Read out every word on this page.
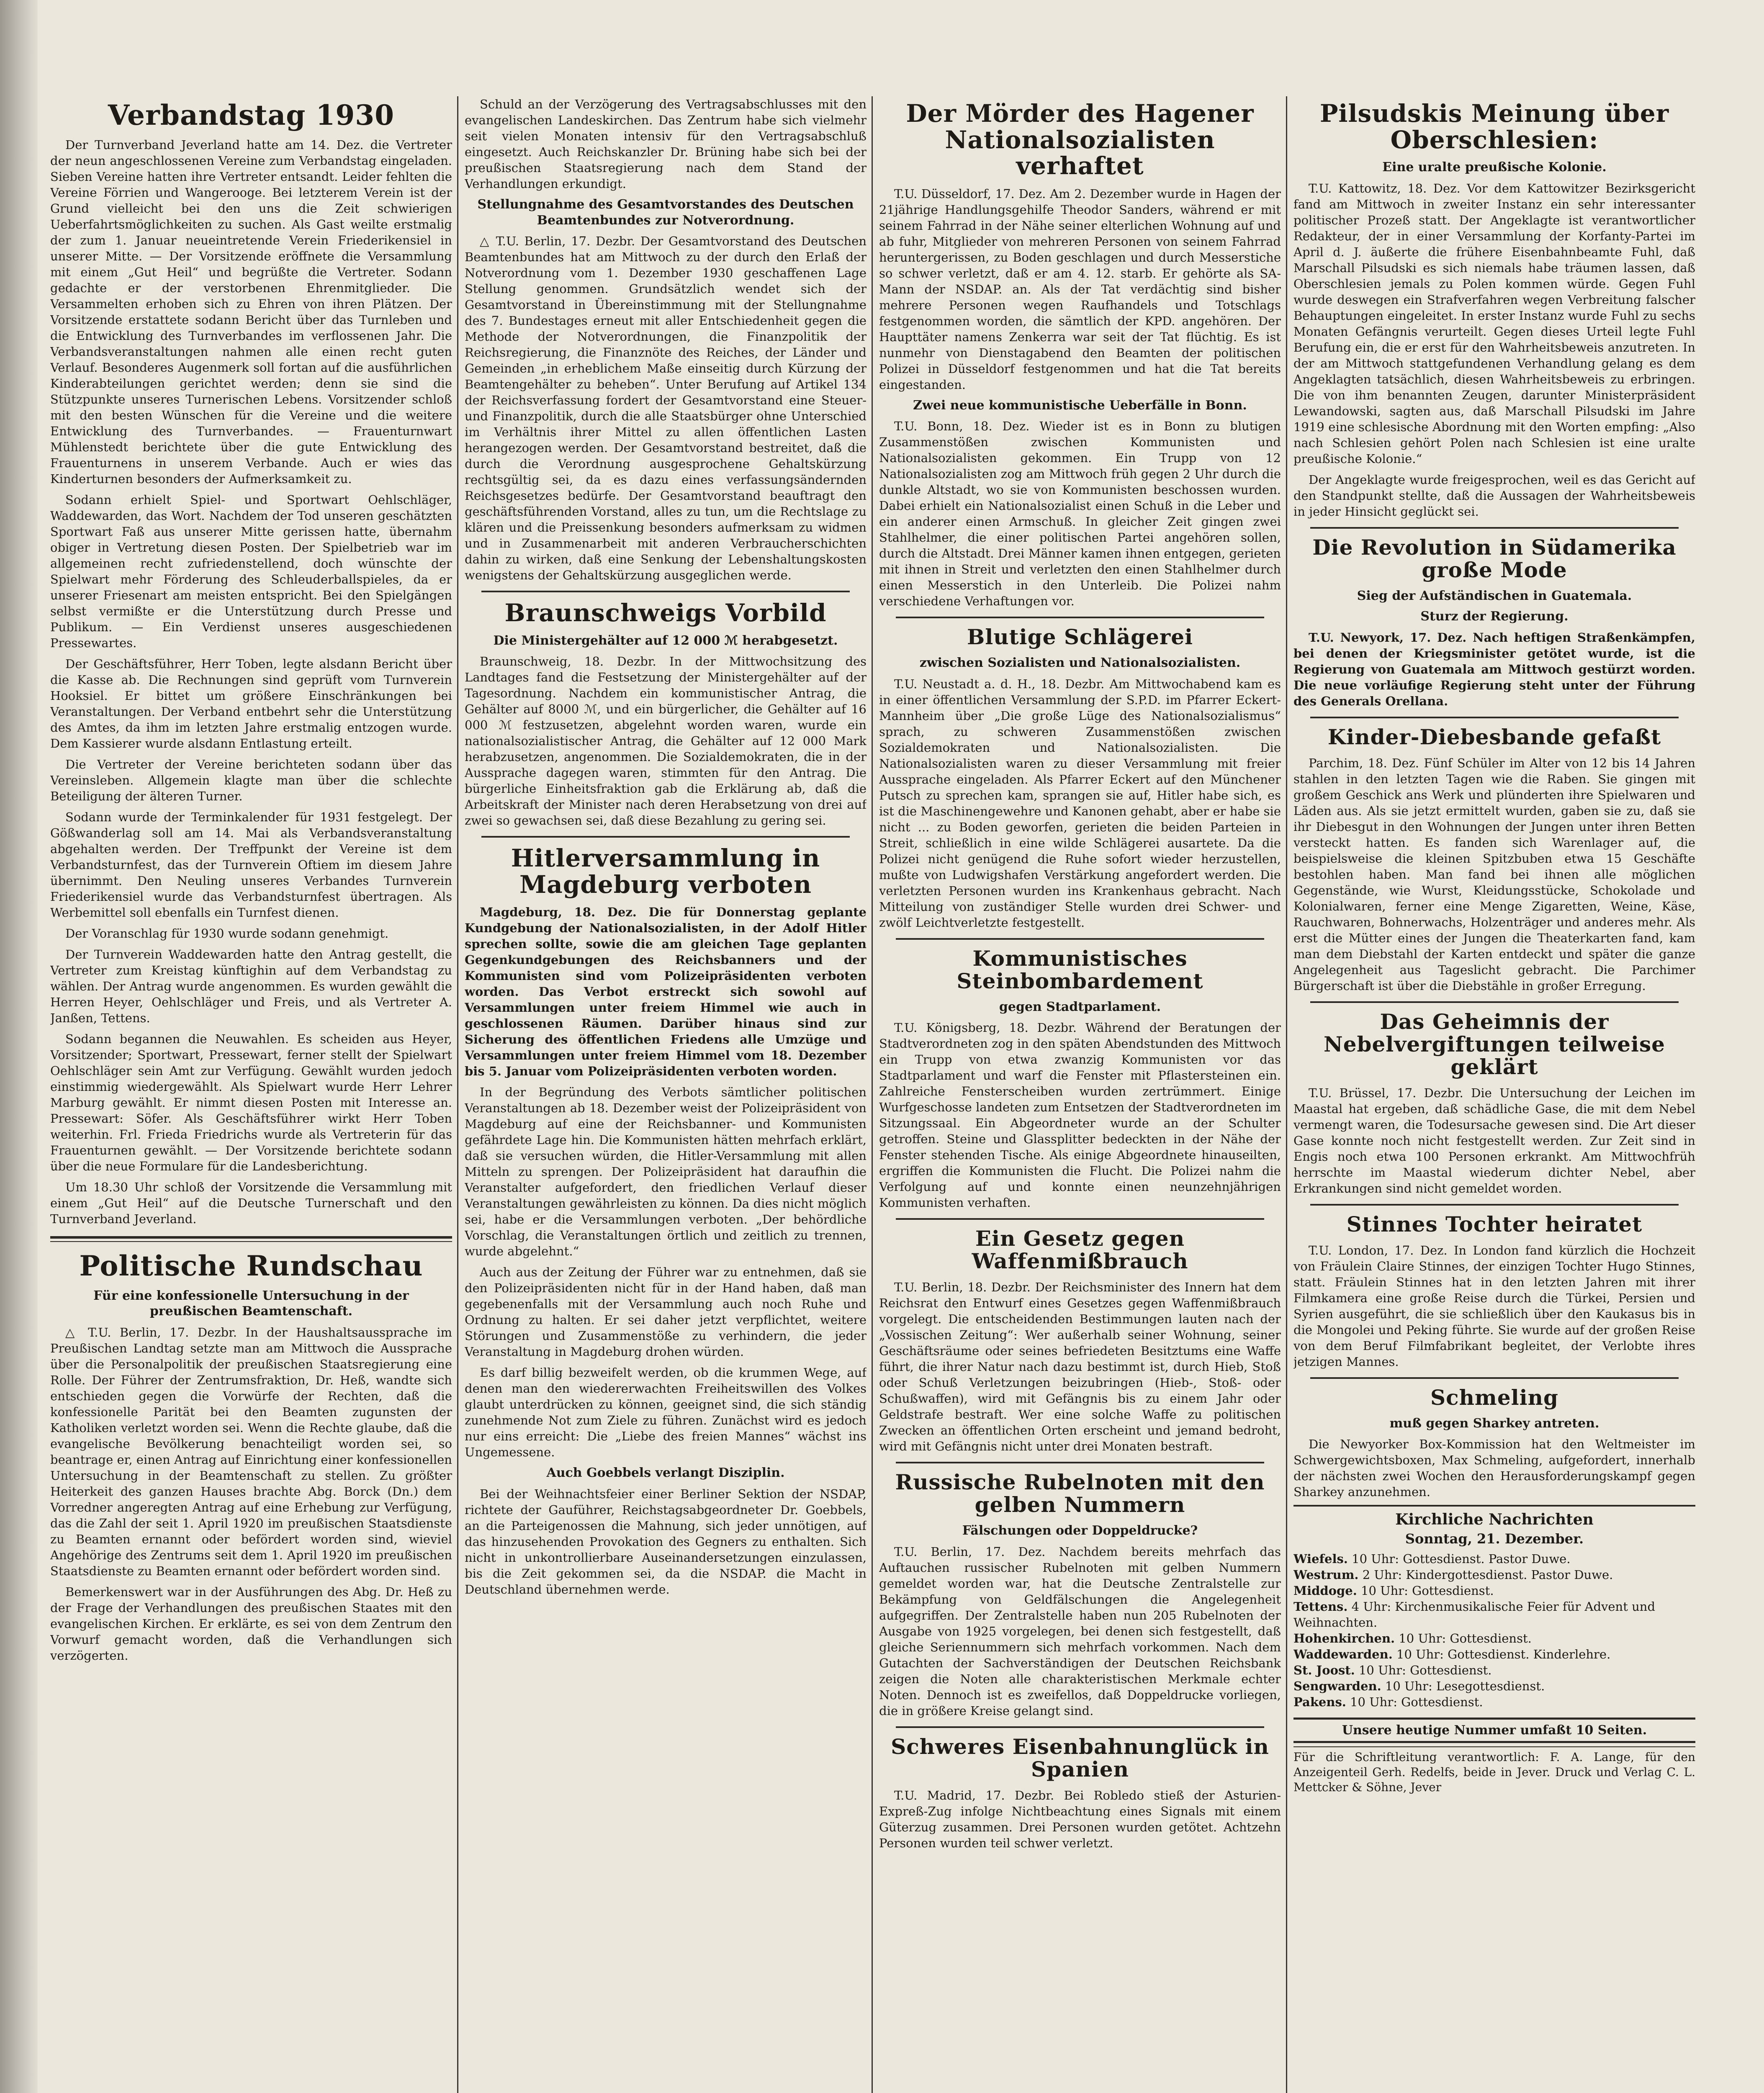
Verbandstag 1930

Der Turnverband Jeverland hatte am 14. Dez. die Vertreter der neun angeschlossenen Vereine zum Verbandstag eingeladen. Sieben Vereine hatten ihre Vertreter entsandt. Leider fehlten die Vereine Förrien und Wangerooge. Bei letzterem Verein ist der Grund vielleicht bei den uns die Zeit schwierigen Ueberfahrtsmöglichkeiten zu suchen. Als Gast weilte erstmalig der zum 1. Januar neueintretende Verein Friederikensiel in unserer Mitte. — Der Vorsitzende eröffnete die Versammlung mit einem „Gut Heil“ und begrüßte die Vertreter. Sodann gedachte er der verstorbenen Ehrenmitglieder. Die Versammelten erhoben sich zu Ehren von ihren Plätzen. Der Vorsitzende erstattete sodann Bericht über das Turnleben und die Entwicklung des Turnverbandes im verflossenen Jahr. Die Verbandsveranstaltungen nahmen alle einen recht guten Verlauf. Besonderes Augenmerk soll fortan auf die ausführlichen Kinderabteilungen gerichtet werden; denn sie sind die Stützpunkte unseres Turnerischen Lebens. Vorsitzender schloß mit den besten Wünschen für die Vereine und die weitere Entwicklung des Turnverbandes. — Frauenturnwart Mühlenstedt berichtete über die gute Entwicklung des Frauenturnens in unserem Verbande. Auch er wies das Kinderturnen besonders der Aufmerksamkeit zu.

Sodann erhielt Spiel- und Sportwart Oehlschläger, Waddewarden, das Wort. Nachdem der Tod unseren geschätzten Sportwart Faß aus unserer Mitte gerissen hatte, übernahm obiger in Vertretung diesen Posten. Der Spielbetrieb war im allgemeinen recht zufriedenstellend, doch wünschte der Spielwart mehr Förderung des Schleuderballspieles, da er unserer Friesenart am meisten entspricht. Bei den Spielgängen selbst vermißte er die Unterstützung durch Presse und Publikum. — Ein Verdienst unseres ausgeschiedenen Pressewartes.

Der Geschäftsführer, Herr Toben, legte alsdann Bericht über die Kasse ab. Die Rechnungen sind geprüft vom Turnverein Hooksiel. Er bittet um größere Einschränkungen bei Veranstaltungen. Der Verband entbehrt sehr die Unterstützung des Amtes, da ihm im letzten Jahre erstmalig entzogen wurde. Dem Kassierer wurde alsdann Entlastung erteilt.

Die Vertreter der Vereine berichteten sodann über das Vereinsleben. Allgemein klagte man über die schlechte Beteiligung der älteren Turner.

Sodann wurde der Terminkalender für 1931 festgelegt. Der Gößwanderlag soll am 14. Mai als Verbandsveranstaltung abgehalten werden. Der Treffpunkt der Vereine ist dem Verbandsturnfest, das der Turnverein Oftiem im diesem Jahre übernimmt. Den Neuling unseres Verbandes Turnverein Friederikensiel wurde das Verbandsturnfest übertragen. Als Werbemittel soll ebenfalls ein Turnfest dienen.

Der Voranschlag für 1930 wurde sodann genehmigt.

Der Turnverein Waddewarden hatte den Antrag gestellt, die Vertreter zum Kreistag künftighin auf dem Verbandstag zu wählen. Der Antrag wurde angenommen. Es wurden gewählt die Herren Heyer, Oehlschläger und Freis, und als Vertreter A. Janßen, Tettens.

Sodann begannen die Neuwahlen. Es scheiden aus Heyer, Vorsitzender; Sportwart, Pressewart, ferner stellt der Spielwart Oehlschläger sein Amt zur Verfügung. Gewählt wurden jedoch einstimmig wiedergewählt. Als Spielwart wurde Herr Lehrer Marburg gewählt. Er nimmt diesen Posten mit Interesse an. Pressewart: Söfer. Als Geschäftsführer wirkt Herr Toben weiterhin. Frl. Frieda Friedrichs wurde als Vertreterin für das Frauenturnen gewählt. — Der Vorsitzende berichtete sodann über die neue Formulare für die Landesberichtung.

Um 18.30 Uhr schloß der Vorsitzende die Versammlung mit einem „Gut Heil“ auf die Deutsche Turnerschaft und den Turnverband Jeverland.

Politische Rundschau
Für eine konfessionelle Untersuchung in der preußischen Beamtenschaft.

△ T.U. Berlin, 17. Dezbr. In der Haushaltsaussprache im Preußischen Landtag setzte man am Mittwoch die Aussprache über die Personalpolitik der preußischen Staatsregierung eine Rolle. Der Führer der Zentrumsfraktion, Dr. Heß, wandte sich entschieden gegen die Vorwürfe der Rechten, daß die konfessionelle Parität bei den Beamten zugunsten der Katholiken verletzt worden sei. Wenn die Rechte glaube, daß die evangelische Bevölkerung benachteiligt worden sei, so beantrage er, einen Antrag auf Einrichtung einer konfessionellen Untersuchung in der Beamtenschaft zu stellen. Zu größter Heiterkeit des ganzen Hauses brachte Abg. Borck (Dn.) dem Vorredner angeregten Antrag auf eine Erhebung zur Verfügung, das die Zahl der seit 1. April 1920 im preußischen Staatsdienste zu Beamten ernannt oder befördert worden sind, wieviel Angehörige des Zentrums seit dem 1. April 1920 im preußischen Staatsdienste zu Beamten ernannt oder befördert worden sind.

Bemerkenswert war in der Ausführungen des Abg. Dr. Heß zu der Frage der Verhandlungen des preußischen Staates mit den evangelischen Kirchen. Er erklärte, es sei von dem Zentrum den Vorwurf gemacht worden, daß die Verhandlungen sich verzögerten.

Schuld an der Verzögerung des Vertragsabschlusses mit den evangelischen Landeskirchen. Das Zentrum habe sich vielmehr seit vielen Monaten intensiv für den Vertragsabschluß eingesetzt. Auch Reichskanzler Dr. Brüning habe sich bei der preußischen Staatsregierung nach dem Stand der Verhandlungen erkundigt.

Stellungnahme des Gesamtvorstandes des Deutschen Beamtenbundes zur Notverordnung.

△ T.U. Berlin, 17. Dezbr. Der Gesamtvorstand des Deutschen Beamtenbundes hat am Mittwoch zu der durch den Erlaß der Notverordnung vom 1. Dezember 1930 geschaffenen Lage Stellung genommen. Grundsätzlich wendet sich der Gesamtvorstand in Übereinstimmung mit der Stellungnahme des 7. Bundestages erneut mit aller Entschiedenheit gegen die Methode der Notverordnungen, die Finanzpolitik der Reichsregierung, die Finanznöte des Reiches, der Länder und Gemeinden „in erheblichem Maße einseitig durch Kürzung der Beamtengehälter zu beheben“. Unter Berufung auf Artikel 134 der Reichsverfassung fordert der Gesamtvorstand eine Steuer- und Finanzpolitik, durch die alle Staatsbürger ohne Unterschied im Verhältnis ihrer Mittel zu allen öffentlichen Lasten herangezogen werden. Der Gesamtvorstand bestreitet, daß die durch die Verordnung ausgesprochene Gehaltskürzung rechtsgültig sei, da es dazu eines verfassungsändernden Reichsgesetzes bedürfe. Der Gesamtvorstand beauftragt den geschäftsführenden Vorstand, alles zu tun, um die Rechtslage zu klären und die Preissenkung besonders aufmerksam zu widmen und in Zusammenarbeit mit anderen Verbraucherschichten dahin zu wirken, daß eine Senkung der Lebenshaltungskosten wenigstens der Gehaltskürzung ausgeglichen werde.

Braunschweigs Vorbild
Die Ministergehälter auf 12 000 ℳ herabgesetzt.

Braunschweig, 18. Dezbr. In der Mittwochsitzung des Landtages fand die Festsetzung der Ministergehälter auf der Tagesordnung. Nachdem ein kommunistischer Antrag, die Gehälter auf 8000 ℳ, und ein bürgerlicher, die Gehälter auf 16 000 ℳ festzusetzen, abgelehnt worden waren, wurde ein nationalsozialistischer Antrag, die Gehälter auf 12 000 Mark herabzusetzen, angenommen. Die Sozialdemokraten, die in der Aussprache dagegen waren, stimmten für den Antrag. Die bürgerliche Einheitsfraktion gab die Erklärung ab, daß die Arbeitskraft der Minister nach deren Herabsetzung von drei auf zwei so gewachsen sei, daß diese Bezahlung zu gering sei.

Hitlerversammlung in Magdeburg verboten

Magdeburg, 18. Dez. Die für Donnerstag geplante Kundgebung der Nationalsozialisten, in der Adolf Hitler sprechen sollte, sowie die am gleichen Tage geplanten Gegenkundgebungen des Reichsbanners und der Kommunisten sind vom Polizeipräsidenten verboten worden. Das Verbot erstreckt sich sowohl auf Versammlungen unter freiem Himmel wie auch in geschlossenen Räumen. Darüber hinaus sind zur Sicherung des öffentlichen Friedens alle Umzüge und Versammlungen unter freiem Himmel vom 18. Dezember bis 5. Januar vom Polizeipräsidenten verboten worden.

In der Begründung des Verbots sämtlicher politischen Veranstaltungen ab 18. Dezember weist der Polizeipräsident von Magdeburg auf eine der Reichsbanner- und Kommunisten gefährdete Lage hin. Die Kommunisten hätten mehrfach erklärt, daß sie versuchen würden, die Hitler-Versammlung mit allen Mitteln zu sprengen. Der Polizeipräsident hat daraufhin die Veranstalter aufgefordert, den friedlichen Verlauf dieser Veranstaltungen gewährleisten zu können. Da dies nicht möglich sei, habe er die Versammlungen verboten. „Der behördliche Vorschlag, die Veranstaltungen örtlich und zeitlich zu trennen, wurde abgelehnt.“

Auch aus der Zeitung der Führer war zu entnehmen, daß sie den Polizeipräsidenten nicht für in der Hand haben, daß man gegebenenfalls mit der Versammlung auch noch Ruhe und Ordnung zu halten. Er sei daher jetzt verpflichtet, weitere Störungen und Zusammenstöße zu verhindern, die jeder Veranstaltung in Magdeburg drohen würden.

Es darf billig bezweifelt werden, ob die krummen Wege, auf denen man den wiedererwachten Freiheitswillen des Volkes glaubt unterdrücken zu können, geeignet sind, die sich ständig zunehmende Not zum Ziele zu führen. Zunächst wird es jedoch nur eins erreicht: Die „Liebe des freien Mannes“ wächst ins Ungemessene.

Auch Goebbels verlangt Disziplin.

Bei der Weihnachtsfeier einer Berliner Sektion der NSDAP, richtete der Gauführer, Reichstagsabgeordneter Dr. Goebbels, an die Parteigenossen die Mahnung, sich jeder unnötigen, auf das hinzusehenden Provokation des Gegners zu enthalten. Sich nicht in unkontrollierbare Auseinandersetzungen einzulassen, bis die Zeit gekommen sei, da die NSDAP. die Macht in Deutschland übernehmen werde.

Der Mörder des Hagener Nationalsozialisten verhaftet

T.U. Düsseldorf, 17. Dez. Am 2. Dezember wurde in Hagen der 21jährige Handlungsgehilfe Theodor Sanders, während er mit seinem Fahrrad in der Nähe seiner elterlichen Wohnung auf und ab fuhr, Mitglieder von mehreren Personen von seinem Fahrrad heruntergerissen, zu Boden geschlagen und durch Messerstiche so schwer verletzt, daß er am 4. 12. starb. Er gehörte als SA-Mann der NSDAP. an. Als der Tat verdächtig sind bisher mehrere Personen wegen Raufhandels und Totschlags festgenommen worden, die sämtlich der KPD. angehören. Der Haupttäter namens Zenkerra war seit der Tat flüchtig. Es ist nunmehr von Dienstagabend den Beamten der politischen Polizei in Düsseldorf festgenommen und hat die Tat bereits eingestanden.

Zwei neue kommunistische Ueberfälle in Bonn.

T.U. Bonn, 18. Dez. Wieder ist es in Bonn zu blutigen Zusammenstößen zwischen Kommunisten und Nationalsozialisten gekommen. Ein Trupp von 12 Nationalsozialisten zog am Mittwoch früh gegen 2 Uhr durch die dunkle Altstadt, wo sie von Kommunisten beschossen wurden. Dabei erhielt ein Nationalsozialist einen Schuß in die Leber und ein anderer einen Armschuß. In gleicher Zeit gingen zwei Stahlhelmer, die einer politischen Partei angehören sollen, durch die Altstadt. Drei Männer kamen ihnen entgegen, gerieten mit ihnen in Streit und verletzten den einen Stahlhelmer durch einen Messerstich in den Unterleib. Die Polizei nahm verschiedene Verhaftungen vor.

Blutige Schlägerei
zwischen Sozialisten und Nationalsozialisten.

T.U. Neustadt a. d. H., 18. Dezbr. Am Mittwochabend kam es in einer öffentlichen Versammlung der S.P.D. im Pfarrer Eckert-Mannheim über „Die große Lüge des Nationalsozialismus“ sprach, zu schweren Zusammenstößen zwischen Sozialdemokraten und Nationalsozialisten. Die Nationalsozialisten waren zu dieser Versammlung mit freier Aussprache eingeladen. Als Pfarrer Eckert auf den Münchener Putsch zu sprechen kam, sprangen sie auf, Hitler habe sich, es ist die Maschinengewehre und Kanonen gehabt, aber er habe sie nicht ... zu Boden geworfen, gerieten die beiden Parteien in Streit, schließlich in eine wilde Schlägerei ausartete. Da die Polizei nicht genügend die Ruhe sofort wieder herzustellen, mußte von Ludwigshafen Verstärkung angefordert werden. Die verletzten Personen wurden ins Krankenhaus gebracht. Nach Mitteilung von zuständiger Stelle wurden drei Schwer- und zwölf Leichtverletzte festgestellt.

Kommunistisches Steinbombardement
gegen Stadtparlament.

T.U. Königsberg, 18. Dezbr. Während der Beratungen der Stadtverordneten zog in den späten Abendstunden des Mittwoch ein Trupp von etwa zwanzig Kommunisten vor das Stadtparlament und warf die Fenster mit Pflastersteinen ein. Zahlreiche Fensterscheiben wurden zertrümmert. Einige Wurfgeschosse landeten zum Entsetzen der Stadtverordneten im Sitzungssaal. Ein Abgeordneter wurde an der Schulter getroffen. Steine und Glassplitter bedeckten in der Nähe der Fenster stehenden Tische. Als einige Abgeordnete hinauseilten, ergriffen die Kommunisten die Flucht. Die Polizei nahm die Verfolgung auf und konnte einen neunzehnjährigen Kommunisten verhaften.

Ein Gesetz gegen Waffenmißbrauch

T.U. Berlin, 18. Dezbr. Der Reichsminister des Innern hat dem Reichsrat den Entwurf eines Gesetzes gegen Waffenmißbrauch vorgelegt. Die entscheidenden Bestimmungen lauten nach der „Vossischen Zeitung“: Wer außerhalb seiner Wohnung, seiner Geschäftsräume oder seines befriedeten Besitztums eine Waffe führt, die ihrer Natur nach dazu bestimmt ist, durch Hieb, Stoß oder Schuß Verletzungen beizubringen (Hieb-, Stoß- oder Schußwaffen), wird mit Gefängnis bis zu einem Jahr oder Geldstrafe bestraft. Wer eine solche Waffe zu politischen Zwecken an öffentlichen Orten erscheint und jemand bedroht, wird mit Gefängnis nicht unter drei Monaten bestraft.

Russische Rubelnoten mit den gelben Nummern
Fälschungen oder Doppeldrucke?

T.U. Berlin, 17. Dez. Nachdem bereits mehrfach das Auftauchen russischer Rubelnoten mit gelben Nummern gemeldet worden war, hat die Deutsche Zentralstelle zur Bekämpfung von Geldfälschungen die Angelegenheit aufgegriffen. Der Zentralstelle haben nun 205 Rubelnoten der Ausgabe von 1925 vorgelegen, bei denen sich festgestellt, daß gleiche Seriennummern sich mehrfach vorkommen. Nach dem Gutachten der Sachverständigen der Deutschen Reichsbank zeigen die Noten alle charakteristischen Merkmale echter Noten. Dennoch ist es zweifellos, daß Doppeldrucke vorliegen, die in größere Kreise gelangt sind.

Schweres Eisenbahnunglück in Spanien

T.U. Madrid, 17. Dezbr. Bei Robledo stieß der Asturien-Expreß-Zug infolge Nichtbeachtung eines Signals mit einem Güterzug zusammen. Drei Personen wurden getötet. Achtzehn Personen wurden teil schwer verletzt.

Pilsudskis Meinung über Oberschlesien:
Eine uralte preußische Kolonie.

T.U. Kattowitz, 18. Dez. Vor dem Kattowitzer Bezirksgericht fand am Mittwoch in zweiter Instanz ein sehr interessanter politischer Prozeß statt. Der Angeklagte ist verantwortlicher Redakteur, der in einer Versammlung der Korfanty-Partei im April d. J. äußerte die frühere Eisenbahnbeamte Fuhl, daß Marschall Pilsudski es sich niemals habe träumen lassen, daß Oberschlesien jemals zu Polen kommen würde. Gegen Fuhl wurde deswegen ein Strafverfahren wegen Verbreitung falscher Behauptungen eingeleitet. In erster Instanz wurde Fuhl zu sechs Monaten Gefängnis verurteilt. Gegen dieses Urteil legte Fuhl Berufung ein, die er erst für den Wahrheitsbeweis anzutreten. In der am Mittwoch stattgefundenen Verhandlung gelang es dem Angeklagten tatsächlich, diesen Wahrheitsbeweis zu erbringen. Die von ihm benannten Zeugen, darunter Ministerpräsident Lewandowski, sagten aus, daß Marschall Pilsudski im Jahre 1919 eine schlesische Abordnung mit den Worten empfing: „Also nach Schlesien gehört Polen nach Schlesien ist eine uralte preußische Kolonie.“

Der Angeklagte wurde freigesprochen, weil es das Gericht auf den Standpunkt stellte, daß die Aussagen der Wahrheitsbeweis in jeder Hinsicht geglückt sei.

Die Revolution in Südamerika große Mode
Sieg der Aufständischen in Guatemala.
Sturz der Regierung.

T.U. Newyork, 17. Dez. Nach heftigen Straßenkämpfen, bei denen der Kriegsminister getötet wurde, ist die Regierung von Guatemala am Mittwoch gestürzt worden. Die neue vorläufige Regierung steht unter der Führung des Generals Orellana.

Kinder-Diebesbande gefaßt

Parchim, 18. Dez. Fünf Schüler im Alter von 12 bis 14 Jahren stahlen in den letzten Tagen wie die Raben. Sie gingen mit großem Geschick ans Werk und plünderten ihre Spielwaren und Läden aus. Als sie jetzt ermittelt wurden, gaben sie zu, daß sie ihr Diebesgut in den Wohnungen der Jungen unter ihren Betten versteckt hatten. Es fanden sich Warenlager auf, die beispielsweise die kleinen Spitzbuben etwa 15 Geschäfte bestohlen haben. Man fand bei ihnen alle möglichen Gegenstände, wie Wurst, Kleidungsstücke, Schokolade und Kolonialwaren, ferner eine Menge Zigaretten, Weine, Käse, Rauchwaren, Bohnerwachs, Holzenträger und anderes mehr. Als erst die Mütter eines der Jungen die Theaterkarten fand, kam man dem Diebstahl der Karten entdeckt und später die ganze Angelegenheit aus Tageslicht gebracht. Die Parchimer Bürgerschaft ist über die Diebstähle in großer Erregung.

Das Geheimnis der Nebelvergiftungen teilweise geklärt

T.U. Brüssel, 17. Dezbr. Die Untersuchung der Leichen im Maastal hat ergeben, daß schädliche Gase, die mit dem Nebel vermengt waren, die Todesursache gewesen sind. Die Art dieser Gase konnte noch nicht festgestellt werden. Zur Zeit sind in Engis noch etwa 100 Personen erkrankt. Am Mittwochfrüh herrschte im Maastal wiederum dichter Nebel, aber Erkrankungen sind nicht gemeldet worden.

Stinnes Tochter heiratet

T.U. London, 17. Dez. In London fand kürzlich die Hochzeit von Fräulein Claire Stinnes, der einzigen Tochter Hugo Stinnes, statt. Fräulein Stinnes hat in den letzten Jahren mit ihrer Filmkamera eine große Reise durch die Türkei, Persien und Syrien ausgeführt, die sie schließlich über den Kaukasus bis in die Mongolei und Peking führte. Sie wurde auf der großen Reise von dem Beruf Filmfabrikant begleitet, der Verlobte ihres jetzigen Mannes.

Schmeling
muß gegen Sharkey antreten.

Die Newyorker Box-Kommission hat den Weltmeister im Schwergewichtsboxen, Max Schmeling, aufgefordert, innerhalb der nächsten zwei Wochen den Herausforderungskampf gegen Sharkey anzunehmen.

Kirchliche Nachrichten
Sonntag, 21. Dezember.
Wiefels. 10 Uhr: Gottesdienst. Pastor Duwe.
Westrum. 2 Uhr: Kindergottesdienst. Pastor Duwe.
Middoge. 10 Uhr: Gottesdienst.
Tettens. 4 Uhr: Kirchenmusikalische Feier für Advent und Weihnachten.
Hohenkirchen. 10 Uhr: Gottesdienst.
Waddewarden. 10 Uhr: Gottesdienst. Kinderlehre.
St. Joost. 10 Uhr: Gottesdienst.
Sengwarden. 10 Uhr: Lesegottesdienst.
Pakens. 10 Uhr: Gottesdienst.
Unsere heutige Nummer umfaßt 10 Seiten.
Für die Schriftleitung verantwortlich: F. A. Lange, für den Anzeigenteil Gerh. Redelfs, beide in Jever. Druck und Verlag C. L. Mettcker & Söhne, Jever
